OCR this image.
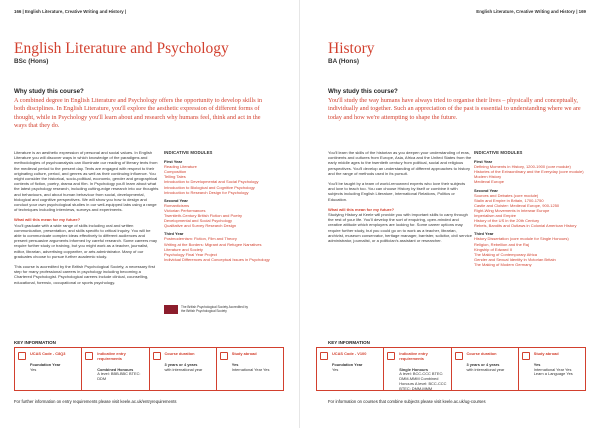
166 | English Literature, Creative Writing and History |
English Literature and Psychology
BSc (Hons)
Why study this course?
A combined degree in English Literature and Psychology offers the opportunity to develop skills in both disciplines. In English Literature, you'll explore the aesthetic expression of different forms of thought, while in Psychology you'll learn about and research why humans feel, think and act in the ways that they do.

Literature is an aesthetic expression of personal and social values. In English Literature you will discover ways in which knowledge of the paradigms and methodologies of psychoanalysis can illuminate our reading of literary texts from the medieval period to the present day. Texts are engaged with respect to their originating culture, period, and genres as well as their continuing influence. You might consider the historical, socio-political, economic, gender and geographical contexts of fiction, poetry, drama and film. In Psychology you'll learn about what the latest psychology research, including cutting-edge research into our thoughts and behaviours, and about human behaviour from social, developmental, biological and cognitive perspectives. We will show you how to design and conduct your own psychological studies in our well-equipped labs using a range of techniques including interviews, surveys and experiments.

What will this mean for my future?
You'll graduate with a wide range of skills including oral and written communication, presentation, and skills specific to critical inquiry. You will be able to communicate complex ideas effectively to different audiences and present persuasive arguments informed by careful research. Some careers may require further study or training, but you might work as a teacher, journalist, editor, librarian, advertising copywriter, or arts administrator. Many of our graduates choose to pursue further academic study.

This course is accredited by the British Psychological Society, a necessary first step for many professional careers in psychology including becoming a Chartered Psychologist. Psychological careers include clinical, counselling, educational, forensic, occupational or sports psychology.

INDICATIVE MODULES
First Year
Reading Literature
Composition
Telling Tales
Introduction to Developmental and Social Psychology
Introduction to Biological and Cognitive Psychology
Introduction to Research Design for Psychology
Second Year
Romanticisms
Victorian Performances
Twentieth-Century British Fiction and Poetry
Developmental and Social Psychology
Qualitative and Survey Research Design
Third Year
Postmodernism: Fiction, Film and Theory
Writing at the Borders: Migrant and Refugee Narratives
Literature and Society
Psychology Final Year Project
Individual Differences and Conceptual Issues in Psychology
The British Psychological Society Accredited by the British Psychological Society
KEY INFORMATION
UCAS Code - C8Q3
Foundation Year
Yes
Indicative entry requirements
Combined Honours
A level: BBB-BBC BTEC: DDM
Course duration
3 years or 4 years
with international year
Study abroad
Yes
International Year Yes
For further information on entry requirements please visit keele.ac.uk/entryrequirements
English Literature, Creative Writing and History | 169
History
BA (Hons)
Why study this course?
You'll study the way humans have always tried to organise their lives – physically and conceptually, individually and together. Such an appreciation of the past is essential to understanding where we are today and how we're attempting to shape the future.

You'll learn the skills of the historian as you deepen your understanding of eras, continents and cultures from Europe, Asia, Africa and the United States from the early middle ages to the twentieth century from political, social and religious perspectives. You'll develop an understanding of different approaches to history and the range of methods used in its pursuit.

You'll be taught by a team of world-renowned experts who love their subjects and love to teach too. You can choose History by itself or combine it with subjects including English Literature, International Relations, Politics or Education.

What will this mean for my future?
Studying History at Keele will provide you with important skills to carry through the rest of your life. You'll develop the sort of enquiring, open-minded and creative attitude which employers are looking for. Some career options may require further study, but you could go on to work as a teacher, librarian, archivist, museum conservator, heritage manager, barrister, solicitor, civil service administrator, journalist, or a politician's assistant or researcher.

INDICATIVE MODULES
First Year
Defining Moments in History, 1200-1900 (core module)
Histories of the Extraordinary and the Everyday (core module)
Modern History
Medieval Europe
Second Year
Sources and Debates (core module)
Stalin and Empire in Britain, 1700-1750
Castle and Cloister: Medieval Europe, 900-1250
Right-Wing Movements in Interwar Europe
Imperialism and Empire
History of the US in the 20th Century
Rebels, Bandits and Outlaws in Colonial American History
Third Year
History Dissertation (core module for Single Honours)
Religion, Rebellion and the Raj
Kingship of Edward II
The Making of Contemporary Africa
Gender and Sexual Identity in Victorian Britain
The Making of Modern Germany
KEY INFORMATION
UCAS Code - V100
Foundation Year
Yes
Indicative entry requirements
Single Honours
A level: BCC-CCC BTEC: DMM-MMM Combined Honours A level: BCC-CCC BTEC: DMM-MMM
Course duration
3 years or 4 years
with international year
Study abroad
Yes
International Year Yes Learn a Language Yes
For information on courses that combine subjects please visit keele.ac.uk/ug-courses
